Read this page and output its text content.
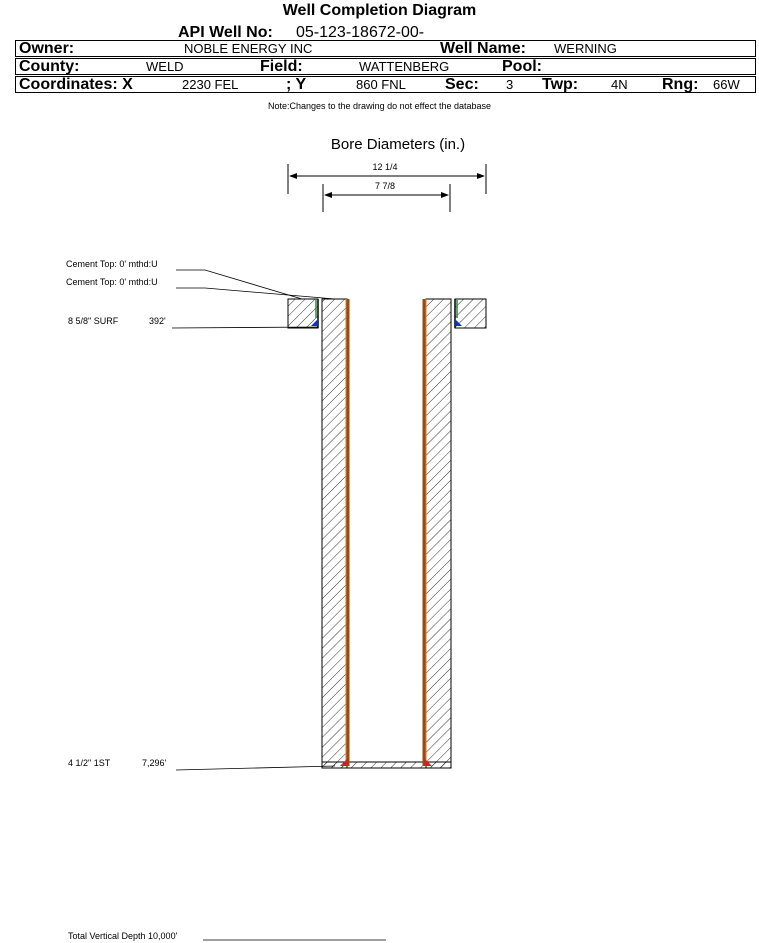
Well Completion Diagram
API Well No: 05-123-18672-00-
Owner:	NOBLE ENERGY INC	Well Name: WERNING
County:	WELD	Field:	WATTENBERG	Pool:
Coordinates: X	2230 FEL	; Y	860 FNL Sec: 3 Twp:	4N Rng: 66W
Note:Changes to the drawing do not effect the database
Bore Diameters (in.)
12 1/4
7 7/8
Cement Top: 0' mthd:U
Cement Top: 0' mthd:U
8 5/8" SURF	392'
4 1/2" 1ST	7,296'
Total Vertical Depth 10,000'
